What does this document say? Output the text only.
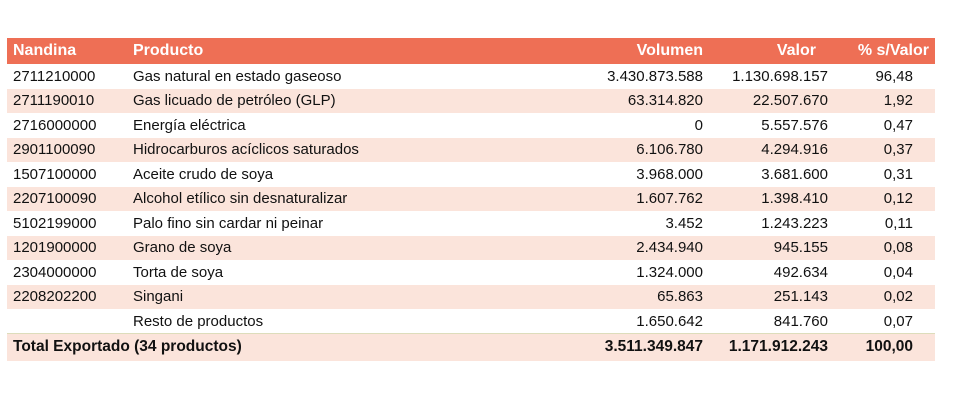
Nandina	Producto	Volumen	Valor	% s/Valor
2711210000	Gas natural en estado gaseoso	3.430.873.588	1.130.698.157	96,48
2711190010	Gas licuado de petróleo (GLP)	63.314.820	22.507.670	1,92
2716000000	Energía eléctrica	0	5.557.576	0,47
2901100090	Hidrocarburos acíclicos saturados	6.106.780	4.294.916	0,37
1507100000	Aceite crudo de soya	3.968.000	3.681.600	0,31
2207100090	Alcohol etílico sin desnaturalizar	1.607.762	1.398.410	0,12
5102199000	Palo fino sin cardar ni peinar	3.452	1.243.223	0,11
1201900000	Grano de soya	2.434.940	945.155	0,08
2304000000	Torta de soya	1.324.000	492.634	0,04
2208202200	Singani	65.863	251.143	0,02
	Resto de productos	1.650.642	841.760	0,07
Total Exportado (34 productos)		3.511.349.847	1.171.912.243	100,00
